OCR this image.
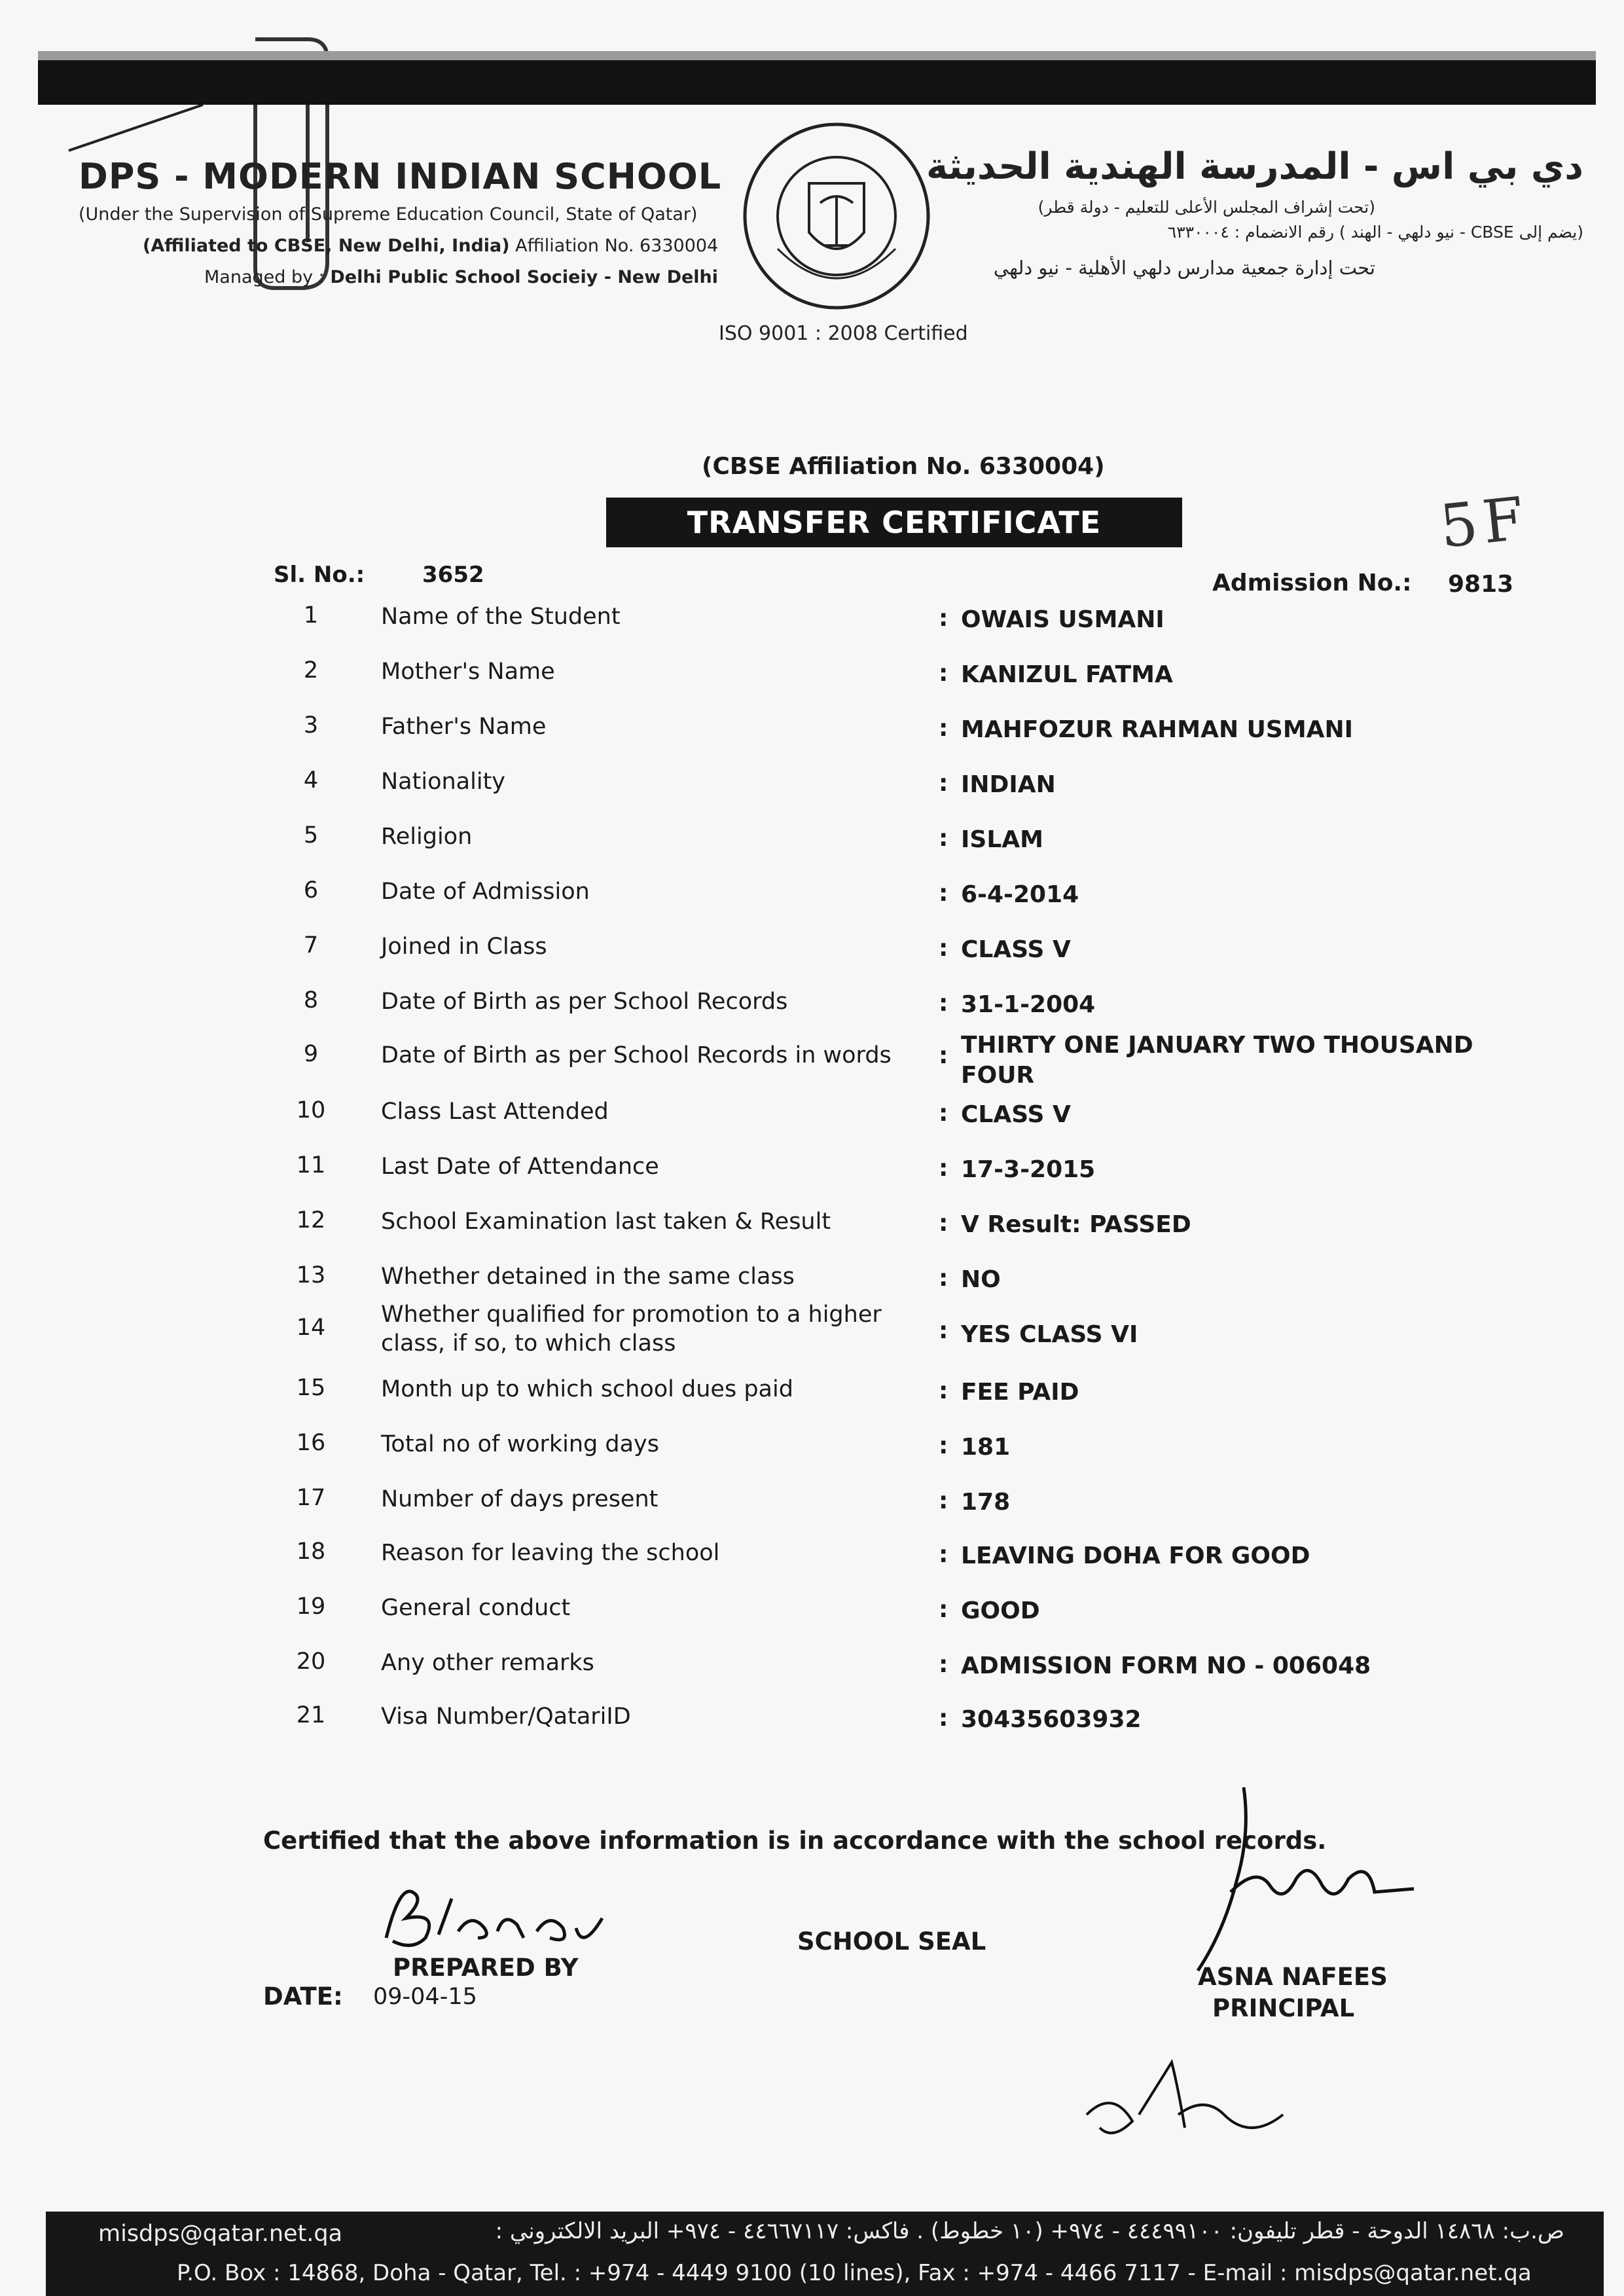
DPS - MODERN INDIAN SCHOOL
(Under the Supervision of Supreme Education Council, State of Qatar)
(Affiliated to CBSE, New Delhi, India) Affiliation No. 6330004
Managed by : Delhi Public School Socieiy - New Delhi
ISO 9001 : 2008 Certified
دي بي اس - المدرسة الهندية الحديثة
(تحت إشراف المجلس الأعلى للتعليم - دولة قطر)
(يضم إلى CBSE - نيو دلهي - الهند ) رقم الانضمام : ٦٣٣٠٠٠٤
تحت إدارة جمعية مدارس دلهي الأهلية - نيو دلهي
(CBSE Affiliation No. 6330004)
TRANSFER CERTIFICATE	5F
Sl. No.:	3652	Admission No.: 9813
1	Name of the Student	: OWAIS USMANI
2	Mother's Name	: KANIZUL FATMA
3	Father's Name	: MAHFOZUR RAHMAN USMANI
4	Nationality	: INDIAN
5	Religion	: ISLAM
6	Date of Admission	: 6-4-2014
7	Joined in Class	: CLASS V
8	Date of Birth as per School Records	: 31-1-2004
9	Date of Birth as per School Records in words	: THIRTY ONE JANUARY TWO THOUSAND FOUR
10	Class Last Attended	: CLASS V
11	Last Date of Attendance	: 17-3-2015
12	School Examination last taken & Result	: V Result: PASSED
13	Whether detained in the same class	: NO
14	Whether qualified for promotion to a higher class, if so, to which class	: YES CLASS VI
15	Month up to which school dues paid	: FEE PAID
16	Total no of working days	: 181
17	Number of days present	: 178
18	Reason for leaving the school	: LEAVING DOHA FOR GOOD
19	General conduct	: GOOD
20	Any other remarks	: ADMISSION FORM NO - 006048
21	Visa Number/QatariID	: 30435603932
Certified that the above information is in accordance with the school records.
PREPARED BY
SCHOOL SEAL
DATE: 09-04-15
ASNA NAFEES
PRINCIPAL
misdps@qatar.net.qa	ص.ب: ١٤٨٦٨ الدوحة - قطر تليفون: ٤٤٤٩٩١٠٠ - ٩٧٤+ (١٠ خطوط) . فاكس: ٤٤٦٦٧١١٧ - ٩٧٤+ البريد الالكتروني :
P.O. Box : 14868, Doha - Qatar, Tel. : +974 - 4449 9100 (10 lines), Fax : +974 - 4466 7117 - E-mail : misdps@qatar.net.qa
